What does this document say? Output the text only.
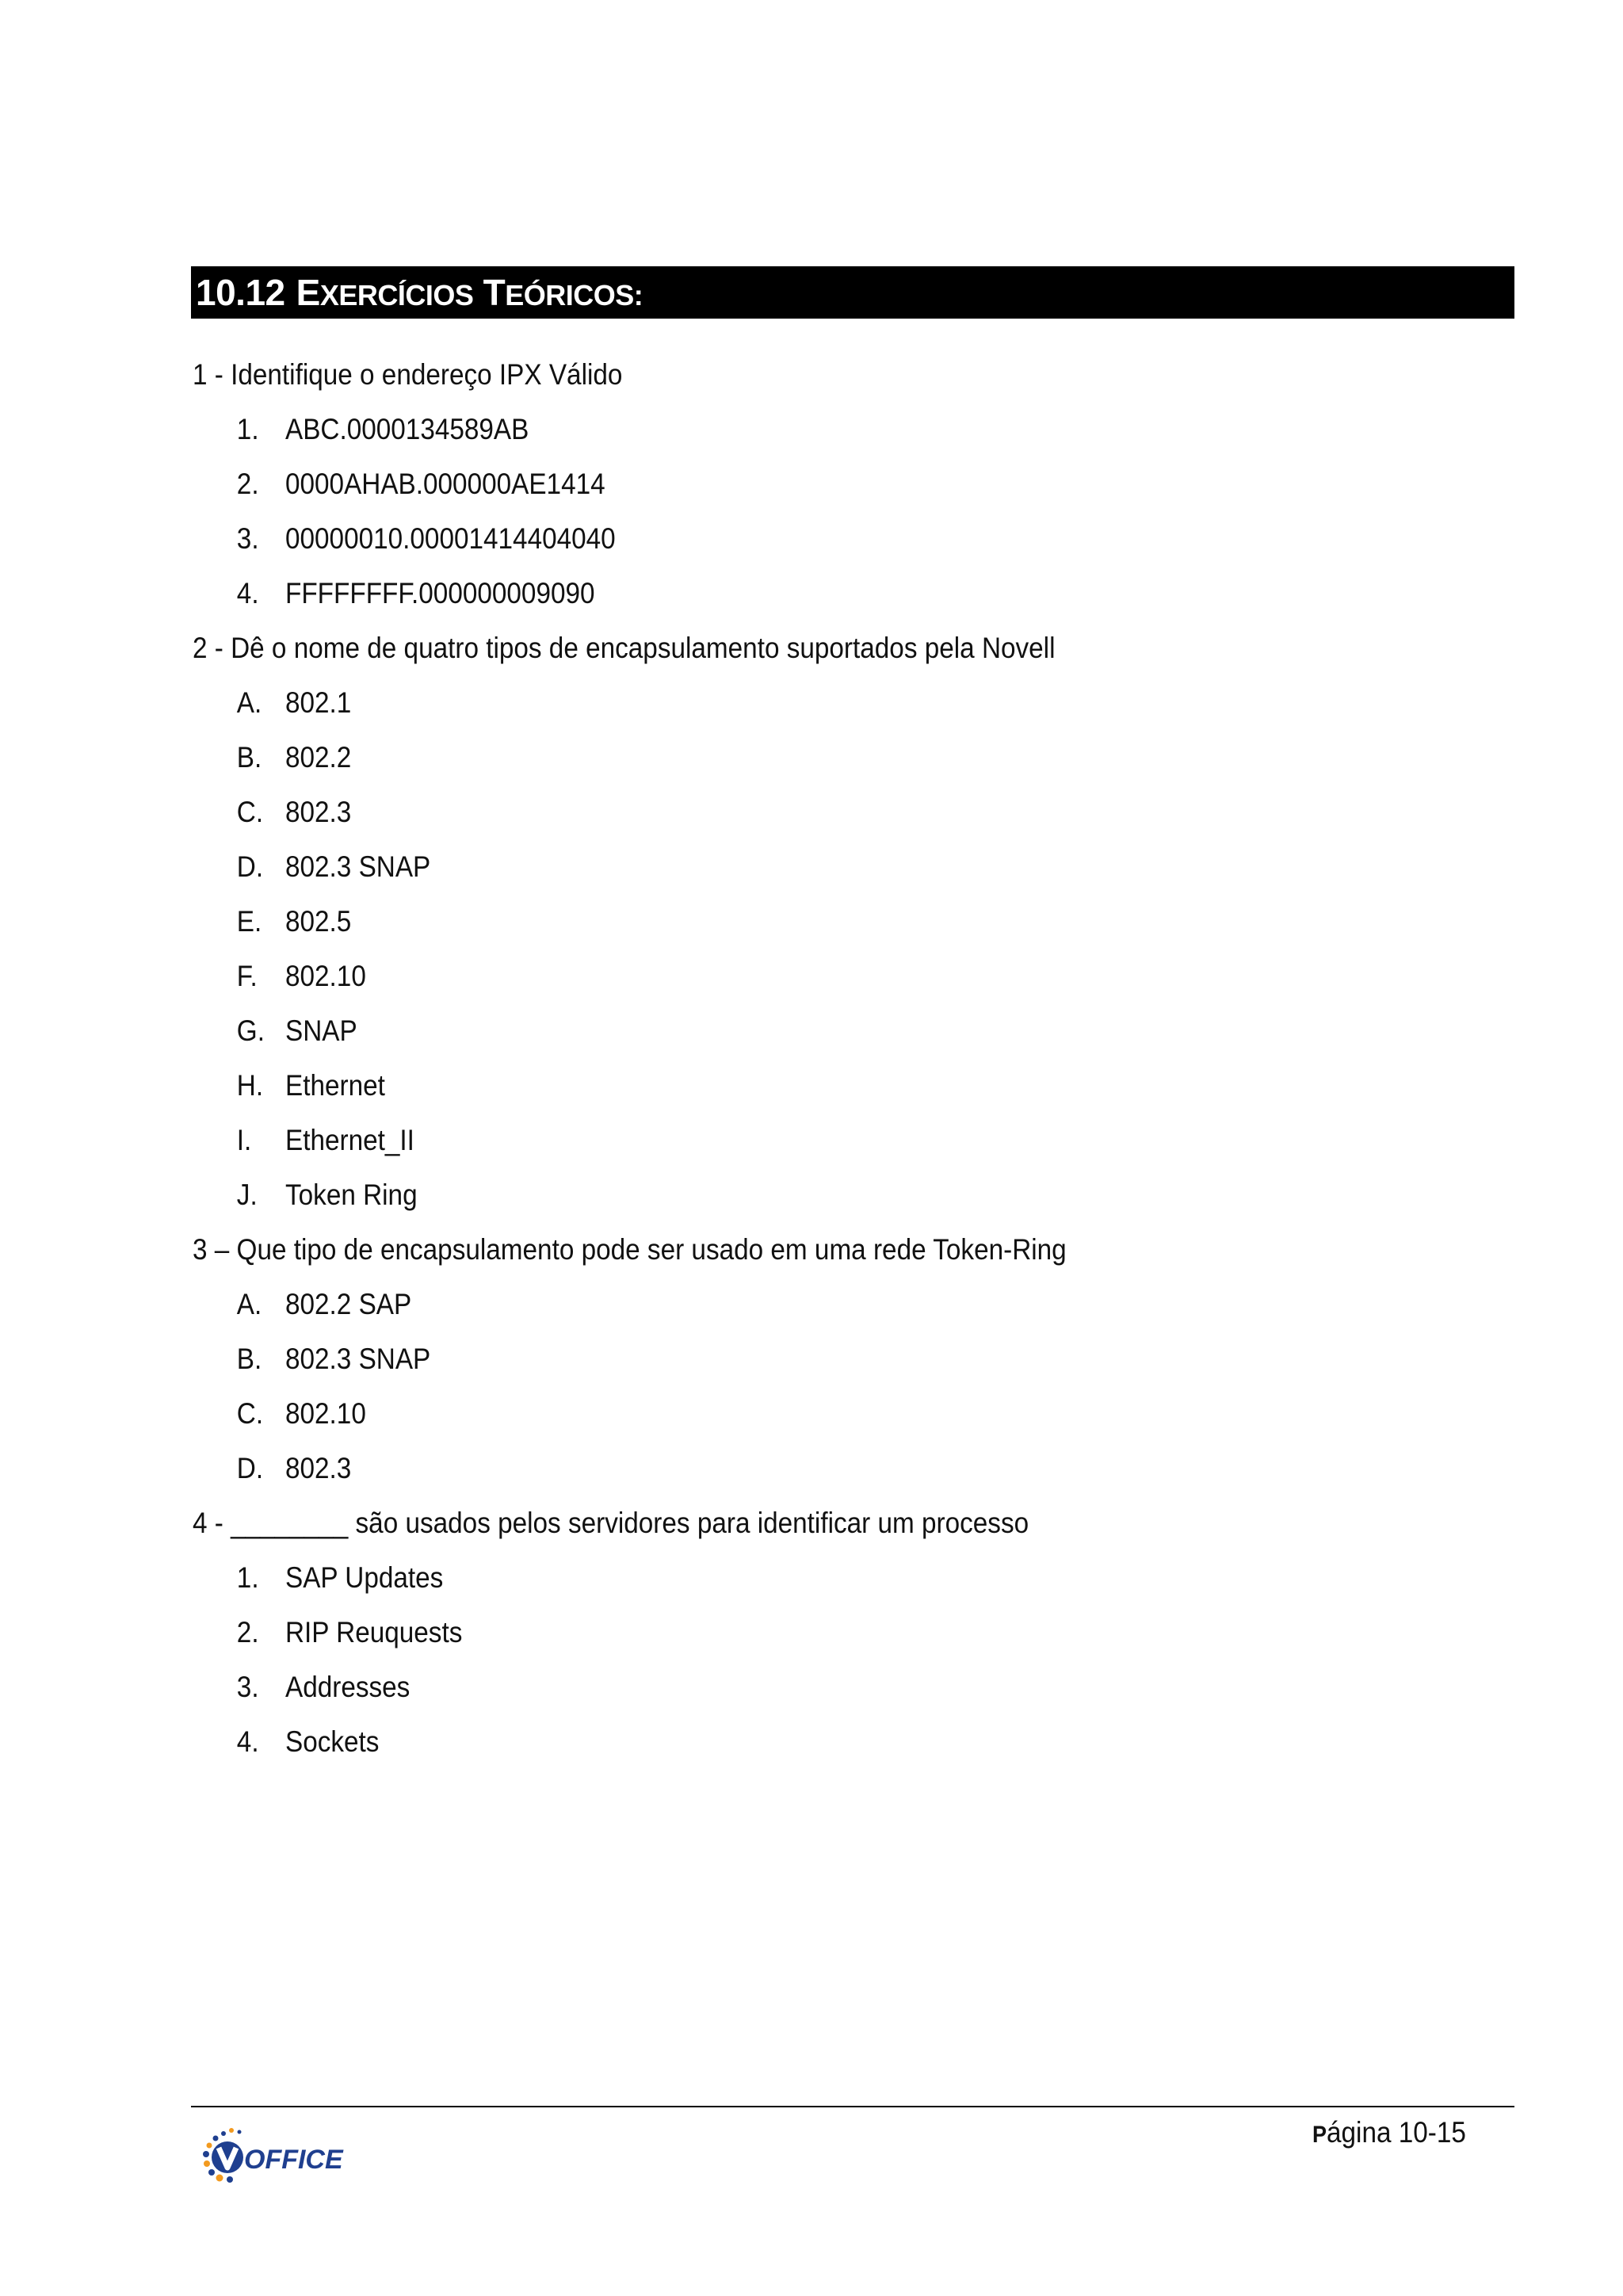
10.12 EXERCÍCIOS TEÓRICOS:
1 - Identifique o endereço IPX Válido
1. ABC.0000134589AB
2. 0000AHAB.000000AE1414
3. 00000010.00001414404040
4. FFFFFFFF.000000009090
2 - Dê o nome de quatro tipos de encapsulamento suportados pela Novell
A. 802.1
B. 802.2
C. 802.3
D. 802.3 SNAP
E. 802.5
F. 802.10
G. SNAP
H. Ethernet
I. Ethernet_II
J. Token Ring
3 – Que tipo de encapsulamento pode ser usado em uma rede Token-Ring
A. 802.2 SAP
B. 802.3 SNAP
C. 802.10
D. 802.3
4 - ________ são usados pelos servidores para identificar um processo
1. SAP Updates
2. RIP Reuquests
3. Addresses
4. Sockets
OFFICE
Página 10-15
